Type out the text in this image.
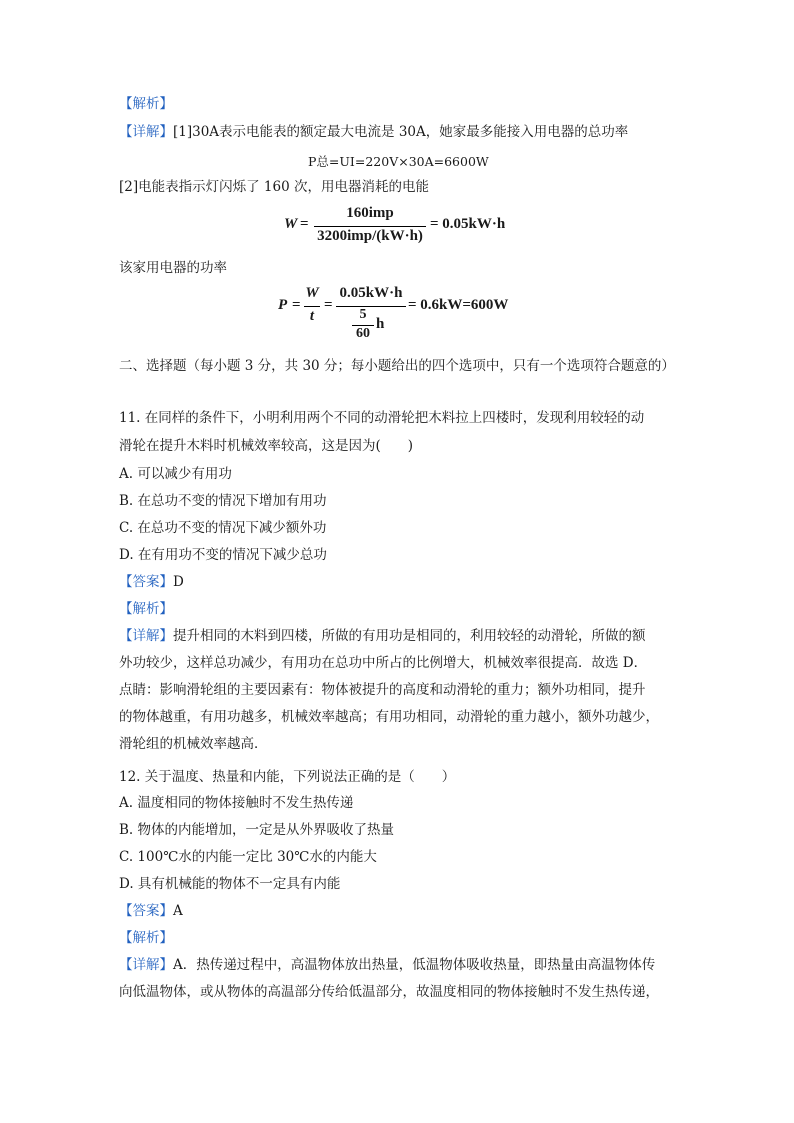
【解析】
【详解】[1]30A表示电能表的额定最大电流是 30A，她家最多能接入用电器的总功率
P总=UI=220V×30A=6600W
[2]电能表指示灯闪烁了 160 次，用电器消耗的电能
W =
160imp
3200imp/(kW·h)
= 0.05kW·h
该家用电器的功率
P =
W
t
=
0.05kW·h
5
60
h
= 0.6kW=600W
二、选择题（每小题 3 分，共 30 分；每小题给出的四个选项中，只有一个选项符合题意的）
11. 在同样的条件下，小明利用两个不同的动滑轮把木料拉上四楼时，发现利用较轻的动
滑轮在提升木料时机械效率较高，这是因为(　　)
A. 可以减少有用功
B. 在总功不变的情况下增加有用功
C. 在总功不变的情况下减少额外功
D. 在有用功不变的情况下减少总功
【答案】D
【解析】
【详解】提升相同的木料到四楼，所做的有用功是相同的，利用较轻的动滑轮，所做的额
外功较少，这样总功减少，有用功在总功中所占的比例增大，机械效率很提高．故选 D．
点睛：影响滑轮组的主要因素有：物体被提升的高度和动滑轮的重力；额外功相同，提升
的物体越重，有用功越多，机械效率越高；有用功相同，动滑轮的重力越小，额外功越少，
滑轮组的机械效率越高．
12. 关于温度、热量和内能，下列说法正确的是（　　）
A. 温度相同的物体接触时不发生热传递
B. 物体的内能增加，一定是从外界吸收了热量
C. 100℃水的内能一定比 30℃水的内能大
D. 具有机械能的物体不一定具有内能
【答案】A
【解析】
【详解】A．热传递过程中，高温物体放出热量，低温物体吸收热量，即热量由高温物体传
向低温物体，或从物体的高温部分传给低温部分，故温度相同的物体接触时不发生热传递，
